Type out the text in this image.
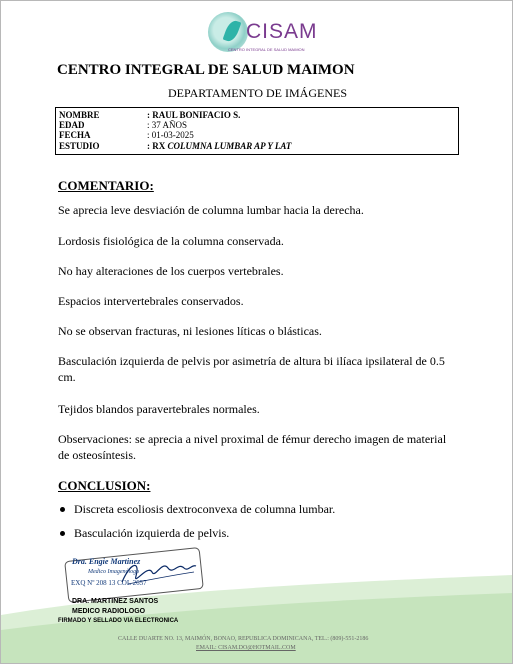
CISAM
CENTRO INTEGRAL DE SALUD MAIMON
CENTRO INTEGRAL DE SALUD MAIMON
DEPARTAMENTO DE IMÁGENES
NOMBRE	: RAUL BONIFACIO S.
EDAD	: 37 AÑOS
FECHA	: 01-03-2025
ESTUDIO	: RX COLUMNA LUMBAR AP Y LAT
COMENTARIO:
Se aprecia leve desviación de columna lumbar hacia la derecha.
Lordosis fisiológica de la columna conservada.
No hay alteraciones de los cuerpos vertebrales.
Espacios intervertebrales conservados.
No se observan fracturas, ni lesiones líticas o blásticas.
Basculación izquierda de pelvis por asimetría de altura bi ilíaca ipsilateral de 0.5 cm.
Tejidos blandos paravertebrales normales.
Observaciones: se aprecia a nivel proximal de fémur derecho imagen de material de osteosíntesis.
CONCLUSION:
Discreta escoliosis dextroconvexa de columna lumbar.
Basculación izquierda de pelvis.
Dra. Engie Martinez
Medico Imagenólogo
EXQ Nº 208 13 COL 2657
DRA. MARTINEZ SANTOS
MEDICO RADIOLOGO
FIRMADO Y SELLADO VIA ELECTRONICA
CALLE DUARTE NO. 13, MAIMÓN, BONAO, REPUBLICA DOMINICANA, TEL.: (809)-551-2186
EMAIL: CISAM.DO@HOTMAIL.COM
